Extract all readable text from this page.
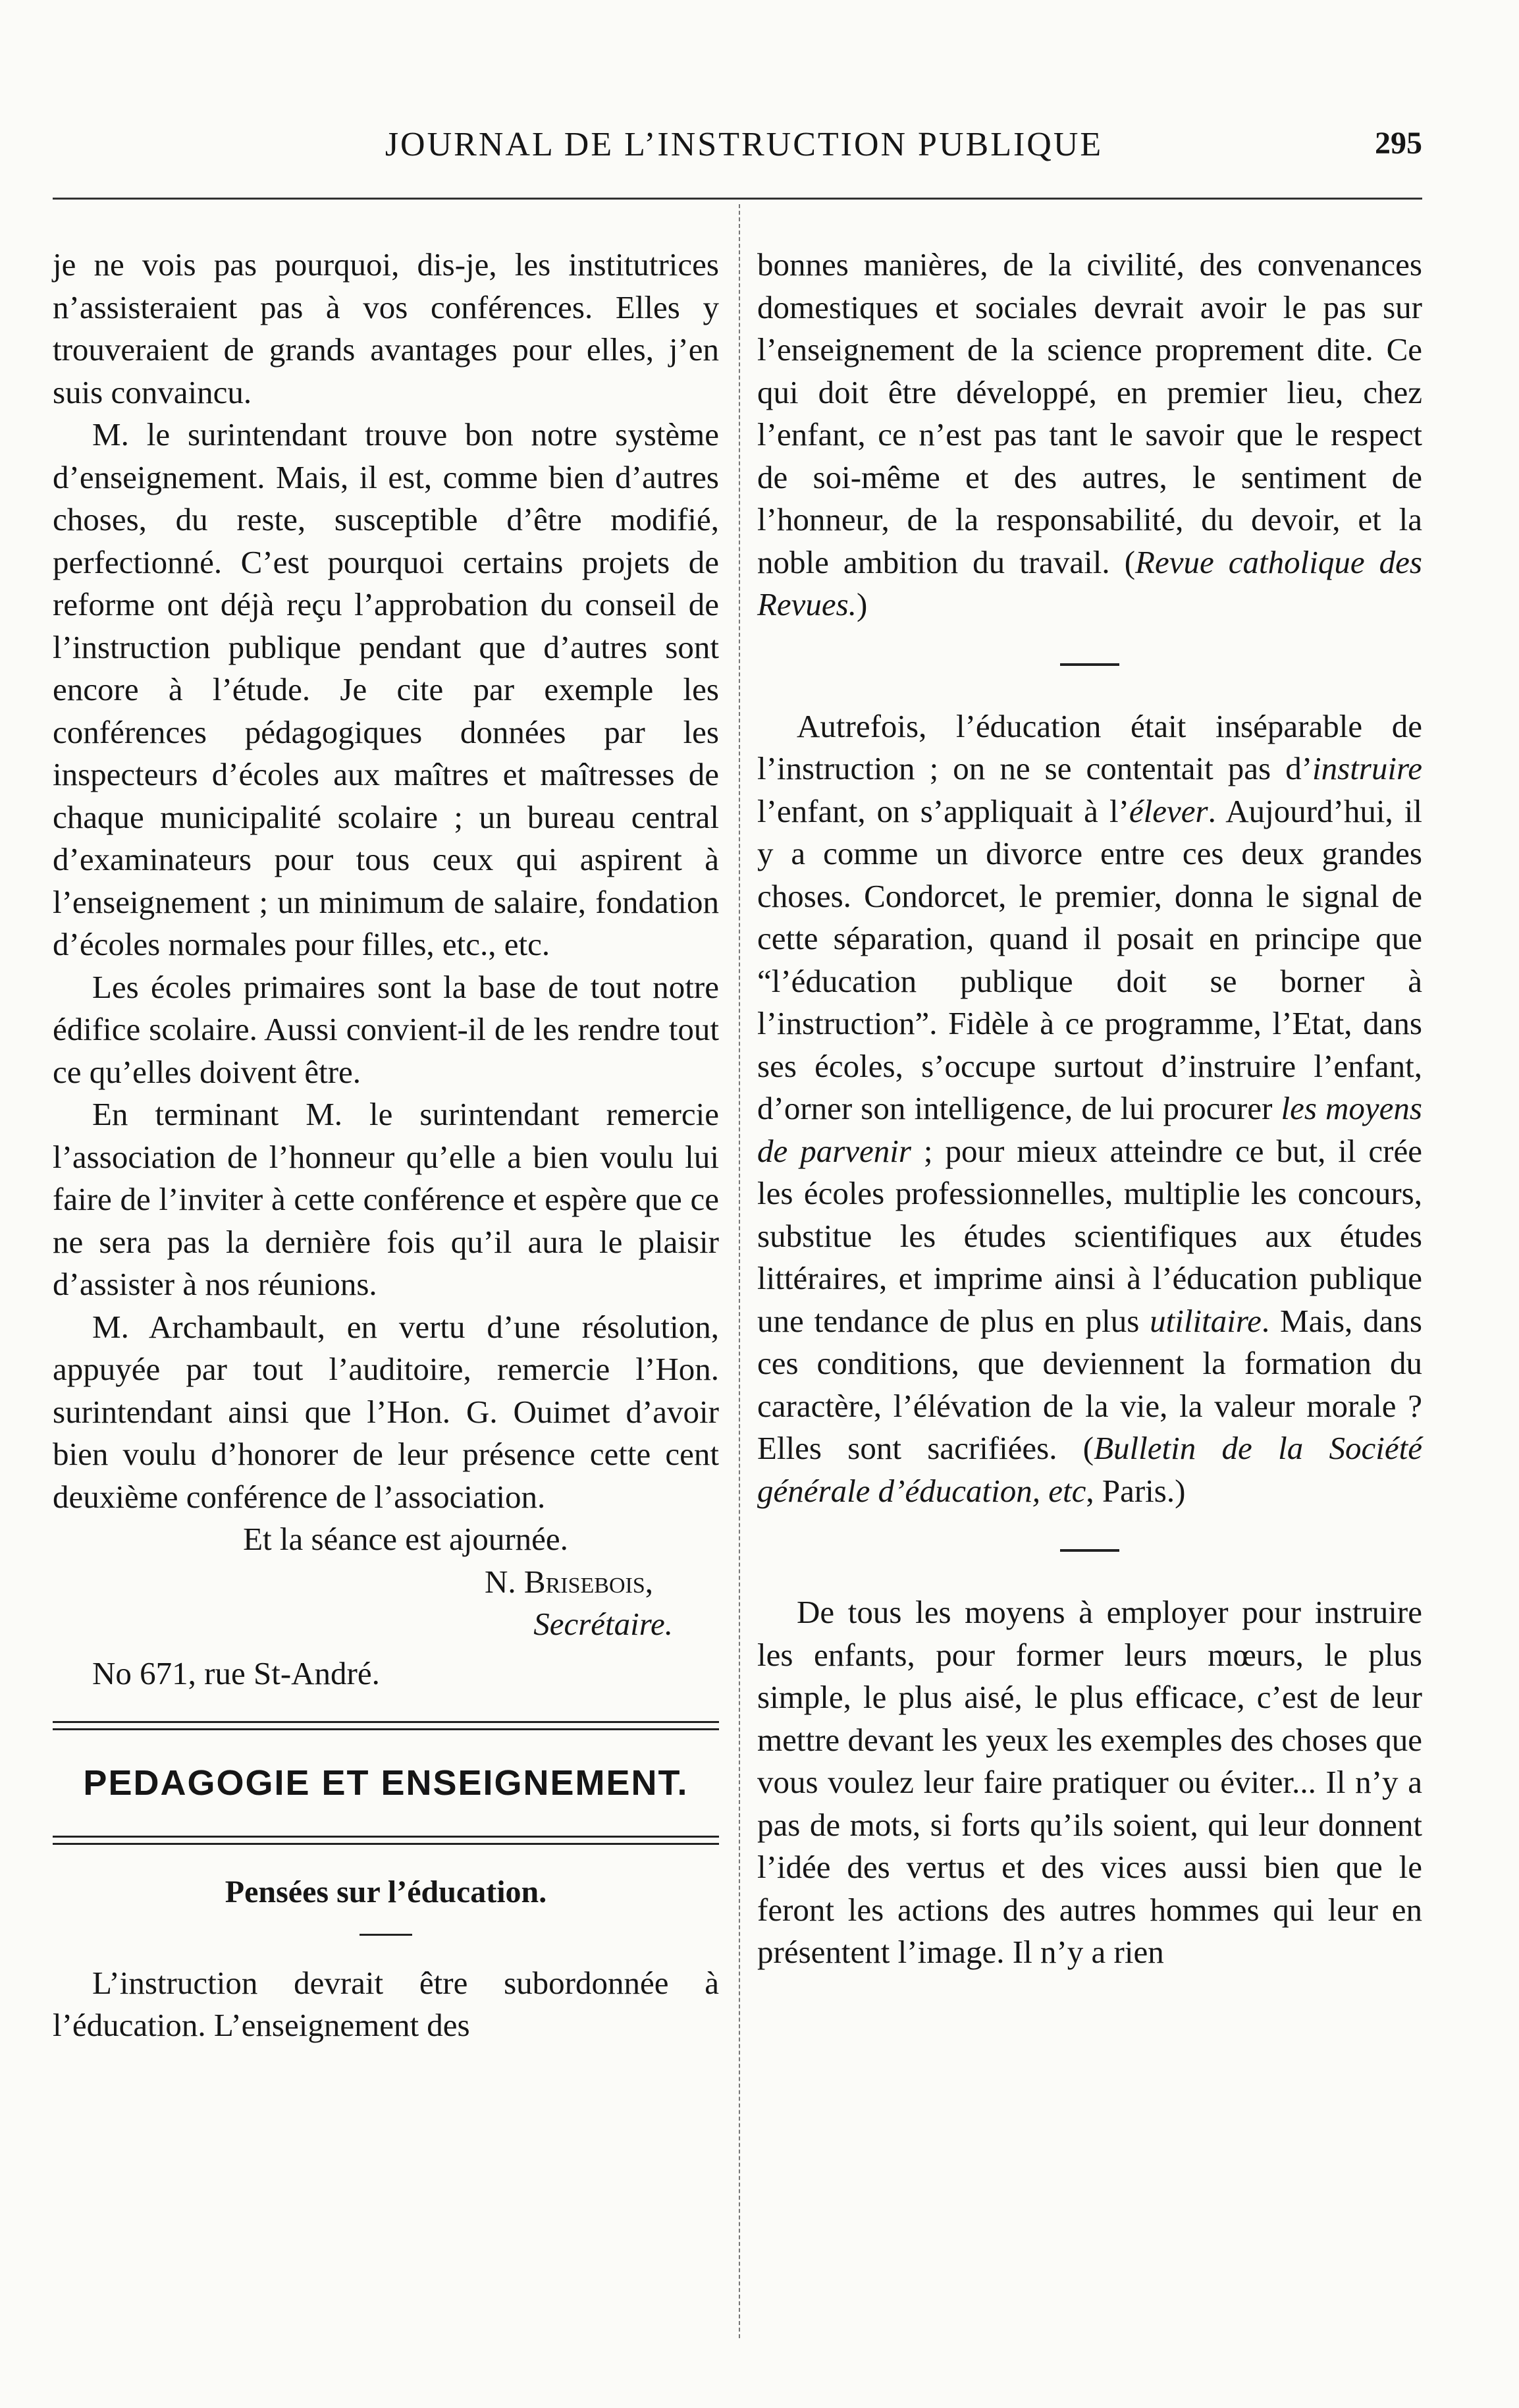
JOURNAL DE L’INSTRUCTION PUBLIQUE	295

je ne vois pas pourquoi, dis-je, les institutrices n’assisteraient pas à vos conférences. Elles y trouveraient de grands avantages pour elles, j’en suis convaincu.

M. le surintendant trouve bon notre système d’enseignement. Mais, il est, comme bien d’autres choses, du reste, susceptible d’être modifié, perfectionné. C’est pourquoi certains projets de reforme ont déjà reçu l’approbation du conseil de l’instruction publique pendant que d’autres sont encore à l’étude. Je cite par exemple les conférences pédagogiques données par les inspecteurs d’écoles aux maîtres et maîtresses de chaque municipalité scolaire ; un bureau central d’examinateurs pour tous ceux qui aspirent à l’enseignement ; un minimum de salaire, fondation d’écoles normales pour filles, etc., etc.

Les écoles primaires sont la base de tout notre édifice scolaire. Aussi convient-il de les rendre tout ce qu’elles doivent être.

En terminant M. le surintendant remercie l’association de l’honneur qu’elle a bien voulu lui faire de l’inviter à cette conférence et espère que ce ne sera pas la dernière fois qu’il aura le plaisir d’assister à nos réunions.

M. Archambault, en vertu d’une résolution, appuyée par tout l’auditoire, remercie l’Hon. surintendant ainsi que l’Hon. G. Ouimet d’avoir bien voulu d’honorer de leur présence cette cent deuxième conférence de l’association.

Et la séance est ajournée.

N. Brisebois,
Secrétaire.
No 671, rue St-André.
PEDAGOGIE ET ENSEIGNEMENT.
Pensées sur l’éducation.

L’instruction devrait être subordonnée à l’éducation. L’enseignement des

bonnes manières, de la civilité, des convenances domestiques et sociales devrait avoir le pas sur l’enseignement de la science proprement dite. Ce qui doit être développé, en premier lieu, chez l’enfant, ce n’est pas tant le savoir que le respect de soi-même et des autres, le sentiment de l’honneur, de la responsabilité, du devoir, et la noble ambition du travail. (Revue catholique des Revues.)

Autrefois, l’éducation était inséparable de l’instruction ; on ne se contentait pas d’instruire l’enfant, on s’appliquait à l’élever. Aujourd’hui, il y a comme un divorce entre ces deux grandes choses. Condorcet, le premier, donna le signal de cette séparation, quand il posait en principe que “l’éducation publique doit se borner à l’instruction”. Fidèle à ce programme, l’Etat, dans ses écoles, s’occupe surtout d’instruire l’enfant, d’orner son intelligence, de lui procurer les moyens de parvenir ; pour mieux atteindre ce but, il crée les écoles professionnelles, multiplie les concours, substitue les études scientifiques aux études littéraires, et imprime ainsi à l’éducation publique une tendance de plus en plus utilitaire. Mais, dans ces conditions, que deviennent la formation du caractère, l’élévation de la vie, la valeur morale ? Elles sont sacrifiées. (Bulletin de la Société générale d’éducation, etc, Paris.)

De tous les moyens à employer pour instruire les enfants, pour former leurs mœurs, le plus simple, le plus aisé, le plus efficace, c’est de leur mettre devant les yeux les exemples des choses que vous voulez leur faire pratiquer ou éviter... Il n’y a pas de mots, si forts qu’ils soient, qui leur donnent l’idée des vertus et des vices aussi bien que le feront les actions des autres hommes qui leur en présentent l’image. Il n’y a rien
